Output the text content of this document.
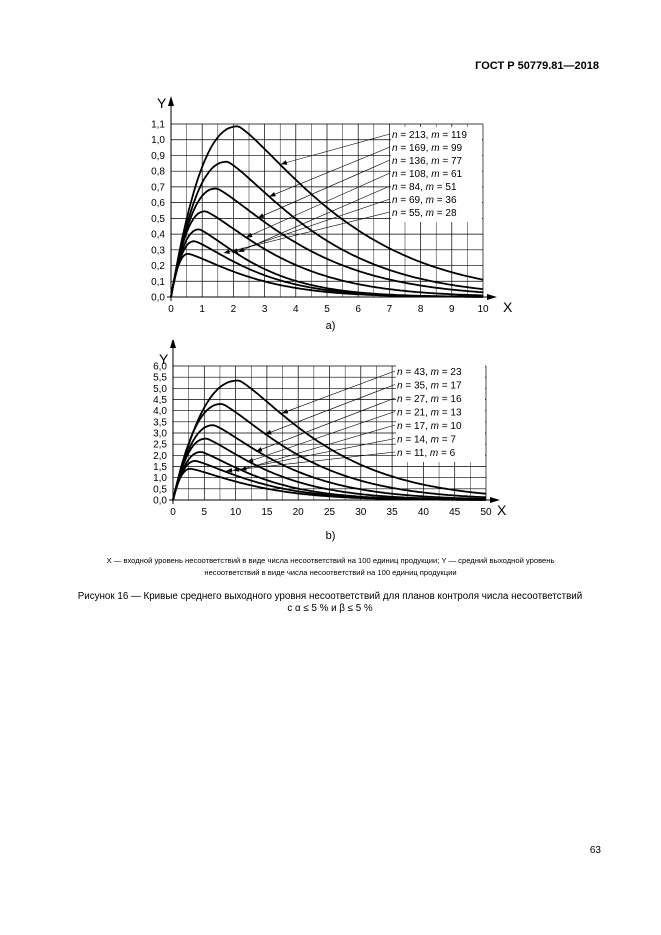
ГОСТ Р 50779.81—2018
Y
X
0,0
0,1
0,2
0,3
0,4
0,5
0,6
0,7
0,8
0,9
1,0
1,1
0	1	2	3	4	5	6	7	8	9 10
n = 213, m = 119
n = 169, m = 99
n = 136, m = 77
n = 108, m = 61
n = 84, m = 51
n = 69, m = 36
n = 55, m = 28
a)
Y
X
0,0
0,5
1,0
1,5
2,0
2,5
3,0
3,5
4,0
4,5
5,0
5,5
6,0
0	5 10 15 20 25 30 35 40 45 50
n = 43, m = 23
n = 35, m = 17
n = 27, m = 16
n = 21, m = 13
n = 17, m = 10
n = 14, m = 7
n = 11, m = 6
b)
X — входной уровень несоответствий в виде числа несоответствий на 100 единиц продукции; Y — средний выходной уровень
несоответствий в виде числа несоответствий на 100 единиц продукции
Рисунок 16 — Кривые среднего выходного уровня несоответствий для планов контроля числа несоответствий
с α ≤ 5 % и β ≤ 5 %
63
